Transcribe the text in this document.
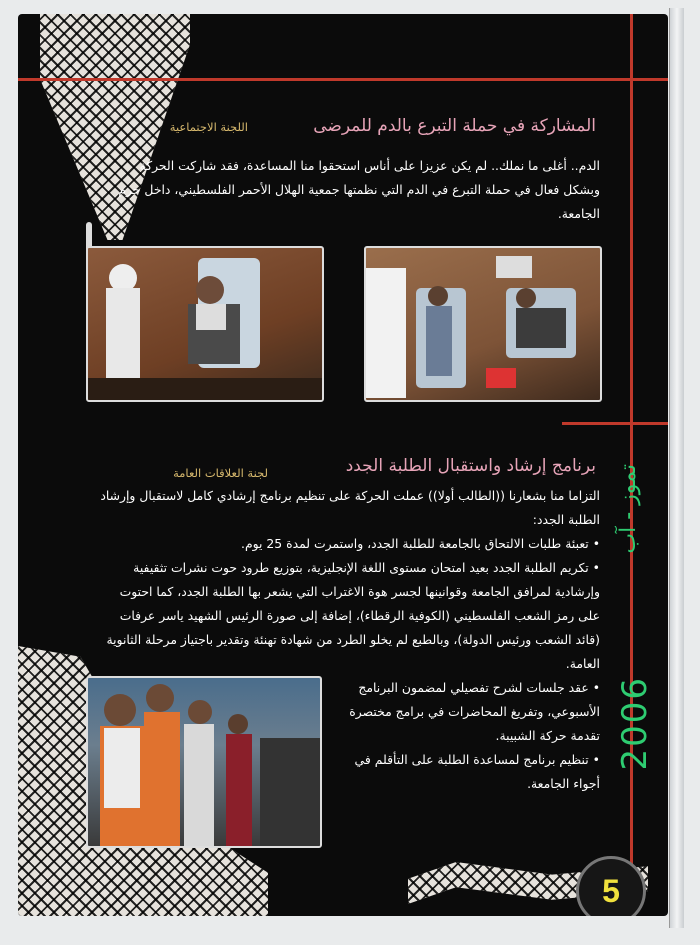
اللجنة الاجتماعية	المشاركة في حملة التبرع بالدم للمرضى
الدم.. أغلى ما نملك.. لم يكن عزيزا على أناس استحقوا منا المساعدة، فقد شاركت الحركة وبشكل فعال في حملة التبرع في الدم التي نظمتها جمعية الهلال الأحمر الفلسطيني، داخل حرم الجامعة.
لجنة العلاقات العامة	برنامج إرشاد واستقبال الطلبة الجدد
التزاما منا بشعارنا ((الطالب أولا)) عملت الحركة على تنظيم برنامج إرشادي كامل لاستقبال وإرشاد الطلبة الجدد:

• تعبئة طلبات الالتحاق بالجامعة للطلبة الجدد، واستمرت لمدة 25 يوم.

• تكريم الطلبة الجدد بعيد امتحان مستوى اللغة الإنجليزية، بتوزيع طرود حوت نشرات تثقيفية وإرشادية لمرافق الجامعة وقوانينها لجسر هوة الاغتراب التي يشعر بها الطلبة الجدد، كما احتوت على رمز الشعب الفلسطيني (الكوفية الرقطاء)، إضافة إلى صورة الرئيس الشهيد ياسر عرفات (قائد الشعب ورئيس الدولة)، وبالطبع لم يخلو الطرد من شهادة تهنئة وتقدير باجتياز مرحلة الثانوية العامة.

• عقد جلسات لشرح تفصيلي لمضمون البرنامج الأسبوعي، وتفريغ المحاضرات في برامج مختصرة تقدمة حركة الشبيبة.

• تنظيم برنامج لمساعدة الطلبة على التأقلم في أجواء الجامعة.

تموز - آب
2006
5
